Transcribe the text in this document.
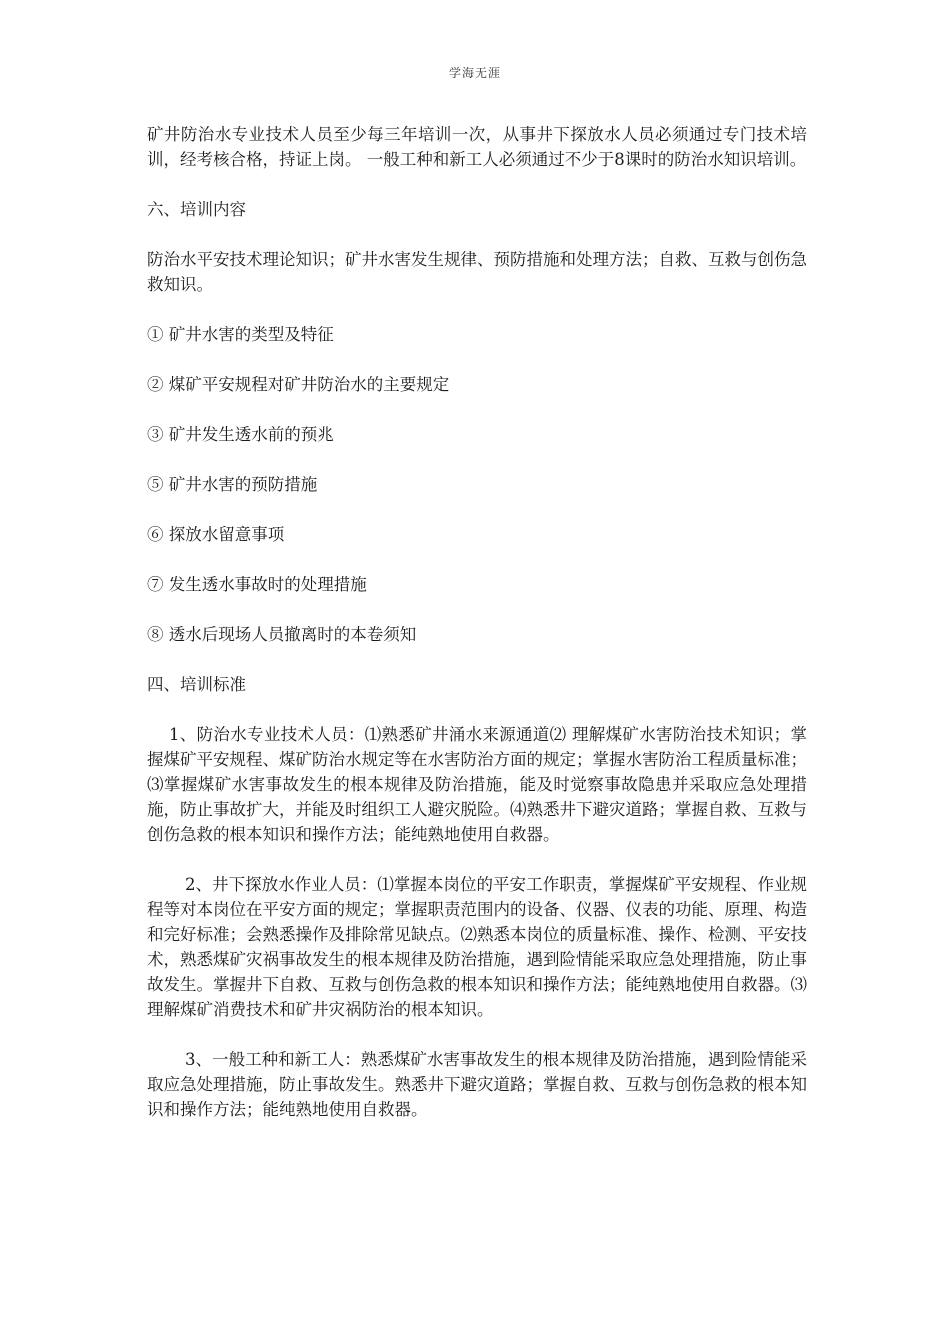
学海无涯

矿井防治水专业技术人员至少每三年培训一次，从事井下探放水人员必须通过专门技术培训，经考核合格，持证上岗。 一般工种和新工人必须通过不少于8课时的防治水知识培训。

六、培训内容

防治水平安技术理论知识；矿井水害发生规律、预防措施和处理方法；自救、互救与创伤急救知识。

① 矿井水害的类型及特征

② 煤矿平安规程对矿井防治水的主要规定

③ 矿井发生透水前的预兆

⑤ 矿井水害的预防措施

⑥ 探放水留意事项

⑦ 发生透水事故时的处理措施

⑧ 透水后现场人员撤离时的本卷须知

四、培训标准

1、防治水专业技术人员：⑴熟悉矿井涌水来源通道⑵ 理解煤矿水害防治技术知识；掌握煤矿平安规程、煤矿防治水规定等在水害防治方面的规定；掌握水害防治工程质量标准；⑶掌握煤矿水害事故发生的根本规律及防治措施，能及时觉察事故隐患并采取应急处理措施，防止事故扩大，并能及时组织工人避灾脱险。⑷熟悉井下避灾道路；掌握自救、互救与创伤急救的根本知识和操作方法；能纯熟地使用自救器。

2、井下探放水作业人员：⑴掌握本岗位的平安工作职责，掌握煤矿平安规程、作业规程等对本岗位在平安方面的规定；掌握职责范围内的设备、仪器、仪表的功能、原理、构造和完好标准；会熟悉操作及排除常见缺点。⑵熟悉本岗位的质量标准、操作、检测、平安技术，熟悉煤矿灾祸事故发生的根本规律及防治措施，遇到险情能采取应急处理措施，防止事故发生。掌握井下自救、互救与创伤急救的根本知识和操作方法；能纯熟地使用自救器。⑶ 理解煤矿消费技术和矿井灾祸防治的根本知识。

3、一般工种和新工人：熟悉煤矿水害事故发生的根本规律及防治措施，遇到险情能采取应急处理措施，防止事故发生。熟悉井下避灾道路；掌握自救、互救与创伤急救的根本知识和操作方法；能纯熟地使用自救器。
